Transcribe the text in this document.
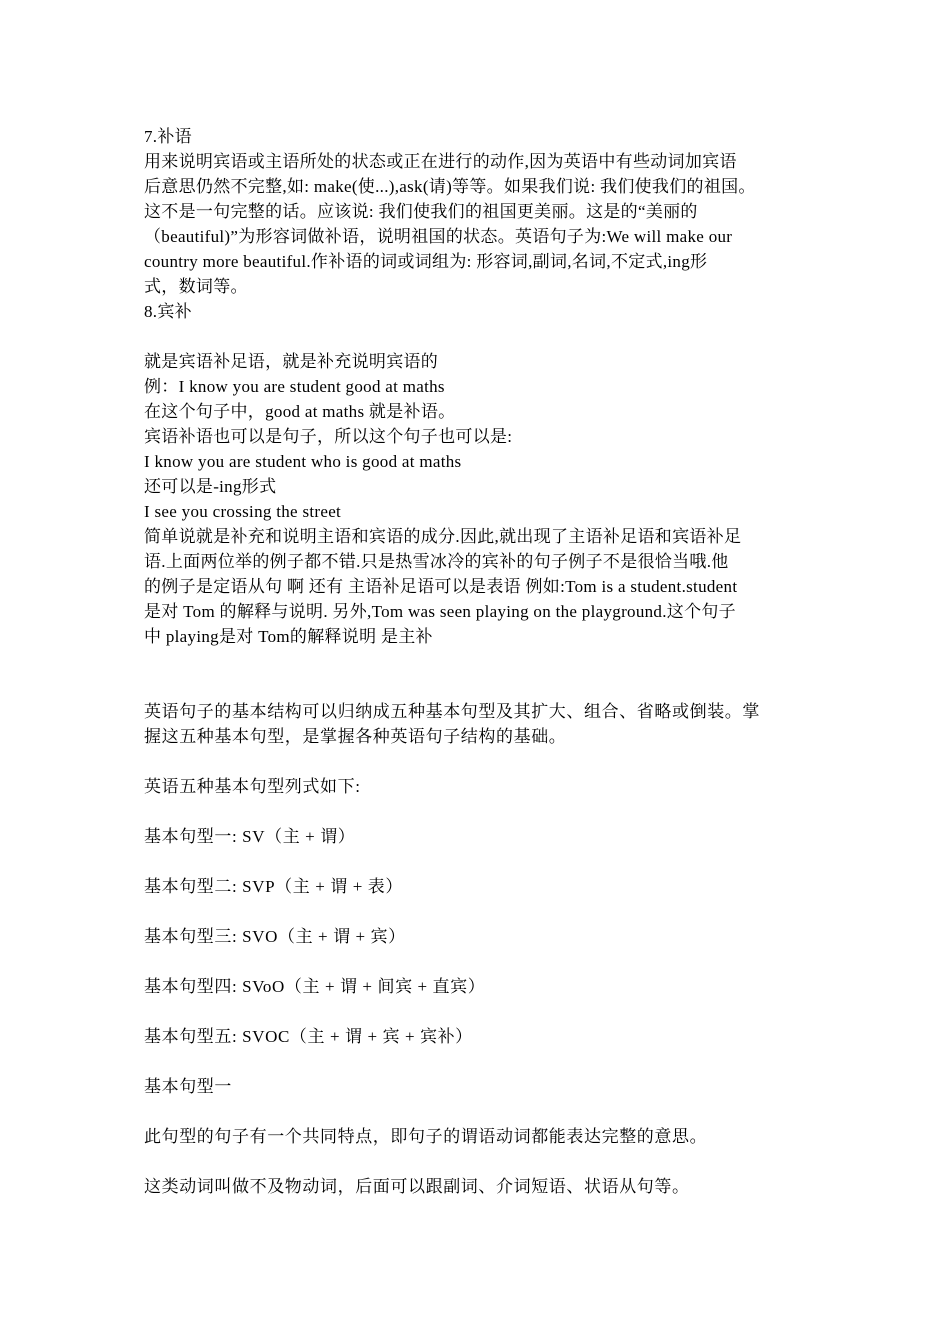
7.补语
用来说明宾语或主语所处的状态或正在进行的动作,因为英语中有些动词加宾语
后意思仍然不完整,如: make(使...),ask(请)等等。如果我们说: 我们使我们的祖国。
这不是一句完整的话。应该说: 我们使我们的祖国更美丽。这是的“美丽的
（beautiful)”为形容词做补语，说明祖国的状态。英语句子为:We will make our
country more beautiful.作补语的词或词组为: 形容词,副词,名词,不定式,ing形
式，数词等。
8.宾补
就是宾语补足语，就是补充说明宾语的
例：I know you are student good at maths
在这个句子中，good at maths 就是补语。
宾语补语也可以是句子，所以这个句子也可以是:
I know you are student who is good at maths
还可以是-ing形式
I see you crossing the street
简单说就是补充和说明主语和宾语的成分.因此,就出现了主语补足语和宾语补足
语.上面两位举的例子都不错.只是热雪冰冷的宾补的句子例子不是很恰当哦.他
的例子是定语从句 啊 还有 主语补足语可以是表语 例如:Tom is a student.student
是对 Tom 的解释与说明. 另外,Tom was seen playing on the playground.这个句子
中 playing是对 Tom的解释说明 是主补
英语句子的基本结构可以归纳成五种基本句型及其扩大、组合、省略或倒装。掌
握这五种基本句型，是掌握各种英语句子结构的基础。
英语五种基本句型列式如下:
基本句型一: SV（主 + 谓）
基本句型二: SVP（主 + 谓 + 表）
基本句型三: SVO（主 + 谓 + 宾）
基本句型四: SVoO（主 + 谓 + 间宾 + 直宾）
基本句型五: SVOC（主 + 谓 + 宾 + 宾补）
基本句型一
此句型的句子有一个共同特点，即句子的谓语动词都能表达完整的意思。
这类动词叫做不及物动词，后面可以跟副词、介词短语、状语从句等。
